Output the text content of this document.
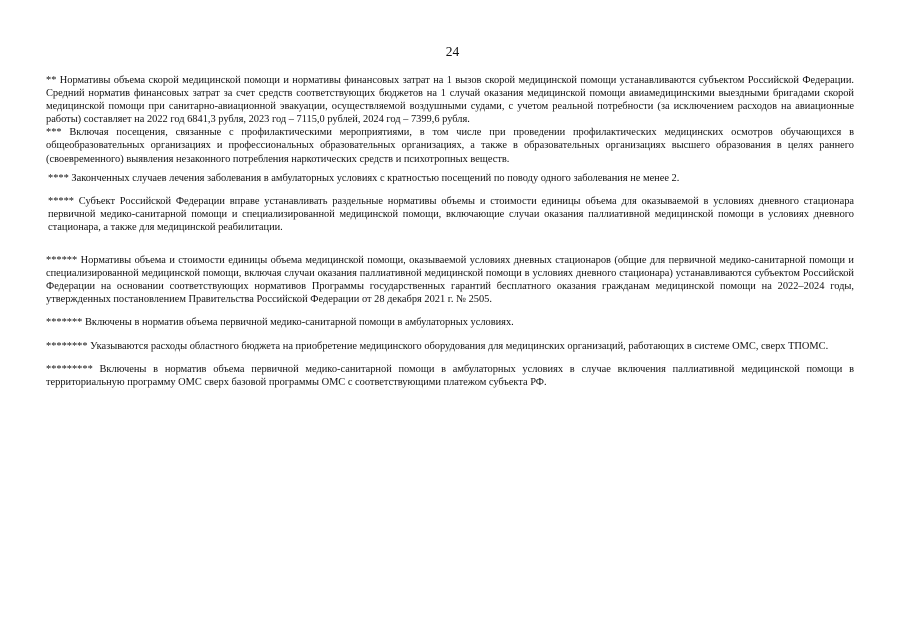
24

** Нормативы объема скорой медицинской помощи и нормативы финансовых затрат на 1 вызов скорой медицинской помощи устанавливаются субъектом Российской Федерации. Средний норматив финансовых затрат за счет средств соответствующих бюджетов на 1 случай оказания медицинской помощи авиамедицинскими выездными бригадами скорой медицинской помощи при санитарно-авиационной эвакуации, осуществляемой воздушными судами, с учетом реальной потребности (за исключением расходов на авиационные работы) составляет на 2022 год 6841,3 рубля, 2023 год – 7115,0 рублей, 2024 год – 7399,6 рубля.

*** Включая посещения, связанные с профилактическими мероприятиями, в том числе при проведении профилактических медицинских осмотров обучающихся в общеобразовательных организациях и профессиональных образовательных организациях, а также в образовательных организациях высшего образования в целях раннего (своевременного) выявления незаконного потребления наркотических средств и психотропных веществ.

**** Законченных случаев лечения заболевания в амбулаторных условиях с кратностью посещений по поводу одного заболевания не менее 2.

***** Субъект Российской Федерации вправе устанавливать раздельные нормативы объемы и стоимости единицы объема для оказываемой в условиях дневного стационара первичной медико-санитарной помощи и специализированной медицинской помощи, включающие случаи оказания паллиативной медицинской помощи в условиях дневного стационара, а также для медицинской реабилитации.

****** Нормативы объема и стоимости единицы объема медицинской помощи, оказываемой условиях дневных стационаров (общие для первичной медико-санитарной помощи и специализированной медицинской помощи, включая случаи оказания паллиативной медицинской помощи в условиях дневного стационара) устанавливаются субъектом Российской Федерации на основании соответствующих нормативов Программы государственных гарантий бесплатного оказания гражданам медицинской помощи на 2022–2024 годы, утвержденных постановлением Правительства Российской Федерации от 28 декабря 2021 г. № 2505.

******* Включены в норматив объема первичной медико-санитарной помощи в амбулаторных условиях.

******** Указываются расходы областного бюджета на приобретение медицинского оборудования для медицинских организаций, работающих в системе ОМС, сверх ТПОМС.

********* Включены в норматив объема первичной медико-санитарной помощи в амбулаторных условиях в случае включения паллиативной медицинской помощи в территориальную программу ОМС сверх базовой программы ОМС с соответствующими платежом субъекта РФ.
